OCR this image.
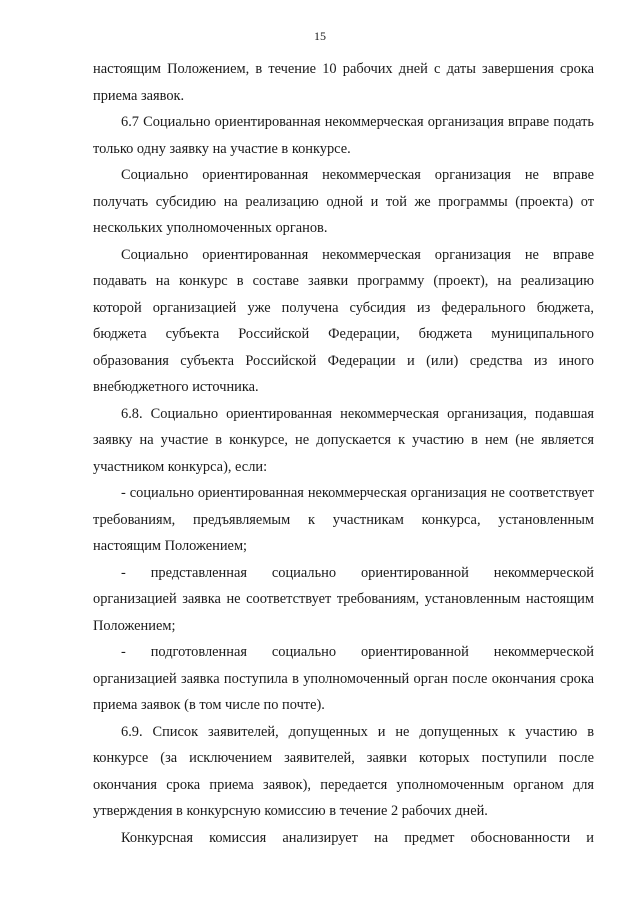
15

настоящим Положением, в течение 10 рабочих дней с даты завершения срока приема заявок.

6.7 Социально ориентированная некоммерческая организация вправе подать только одну заявку на участие в конкурсе.

Социально ориентированная некоммерческая организация не вправе получать субсидию на реализацию одной и той же программы (проекта) от нескольких уполномоченных органов.

Социально ориентированная некоммерческая организация не вправе подавать на конкурс в составе заявки программу (проект), на реализацию которой организацией уже получена субсидия из федерального бюджета, бюджета субъекта Российской Федерации, бюджета муниципального образования субъекта Российской Федерации и (или) средства из иного внебюджетного источника.

6.8. Социально ориентированная некоммерческая организация, подавшая заявку на участие в конкурсе, не допускается к участию в нем (не является участником конкурса), если:

- социально ориентированная некоммерческая организация не соответствует требованиям, предъявляемым к участникам конкурса, установленным настоящим Положением;

- представленная социально ориентированной некоммерческой организацией заявка не соответствует требованиям, установленным настоящим Положением;

- подготовленная социально ориентированной некоммерческой организацией заявка поступила в уполномоченный орган после окончания срока приема заявок (в том числе по почте).

6.9. Список заявителей, допущенных и не допущенных к участию в конкурсе (за исключением заявителей, заявки которых поступили после окончания срока приема заявок), передается уполномоченным органом для утверждения в конкурсную комиссию в течение 2 рабочих дней.

Конкурсная комиссия анализирует на предмет обоснованности и
